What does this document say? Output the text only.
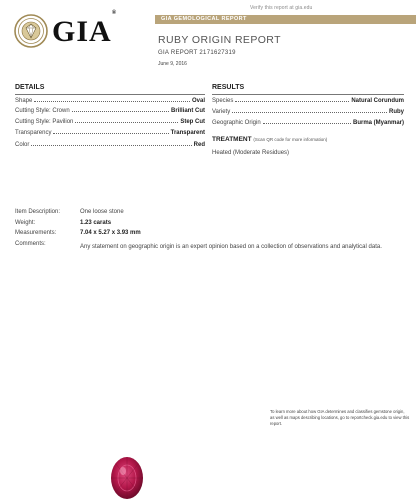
Verify this report at gia.edu
GIA®
GIA GEMOLOGICAL REPORT
RUBY ORIGIN REPORT
GIA REPORT 2171627319
June 9, 2016
DETAILS
Shape	Oval
Cutting Style: Crown	Brilliant Cut
Cutting Style: Pavilion	Step Cut
Transparency	Transparent
Color	Red
RESULTS
Species	Natural Corundum
Variety	Ruby
Geographic Origin	Burma (Myanmar)
TREATMENT (Scan QR code for more information)
Heated (Moderate Residues)
Item Description:	One loose stone
Weight:	1.23 carats
Measurements:	7.04 x 5.27 x 3.93 mm
Comments:	Any statement on geographic origin is an expert opinion based on a collection of observations and analytical data.
To learn more about how GIA determines and classifies gemstone origin, as well as maps describing locations, go to reportcheck.gia.edu to view this report.
